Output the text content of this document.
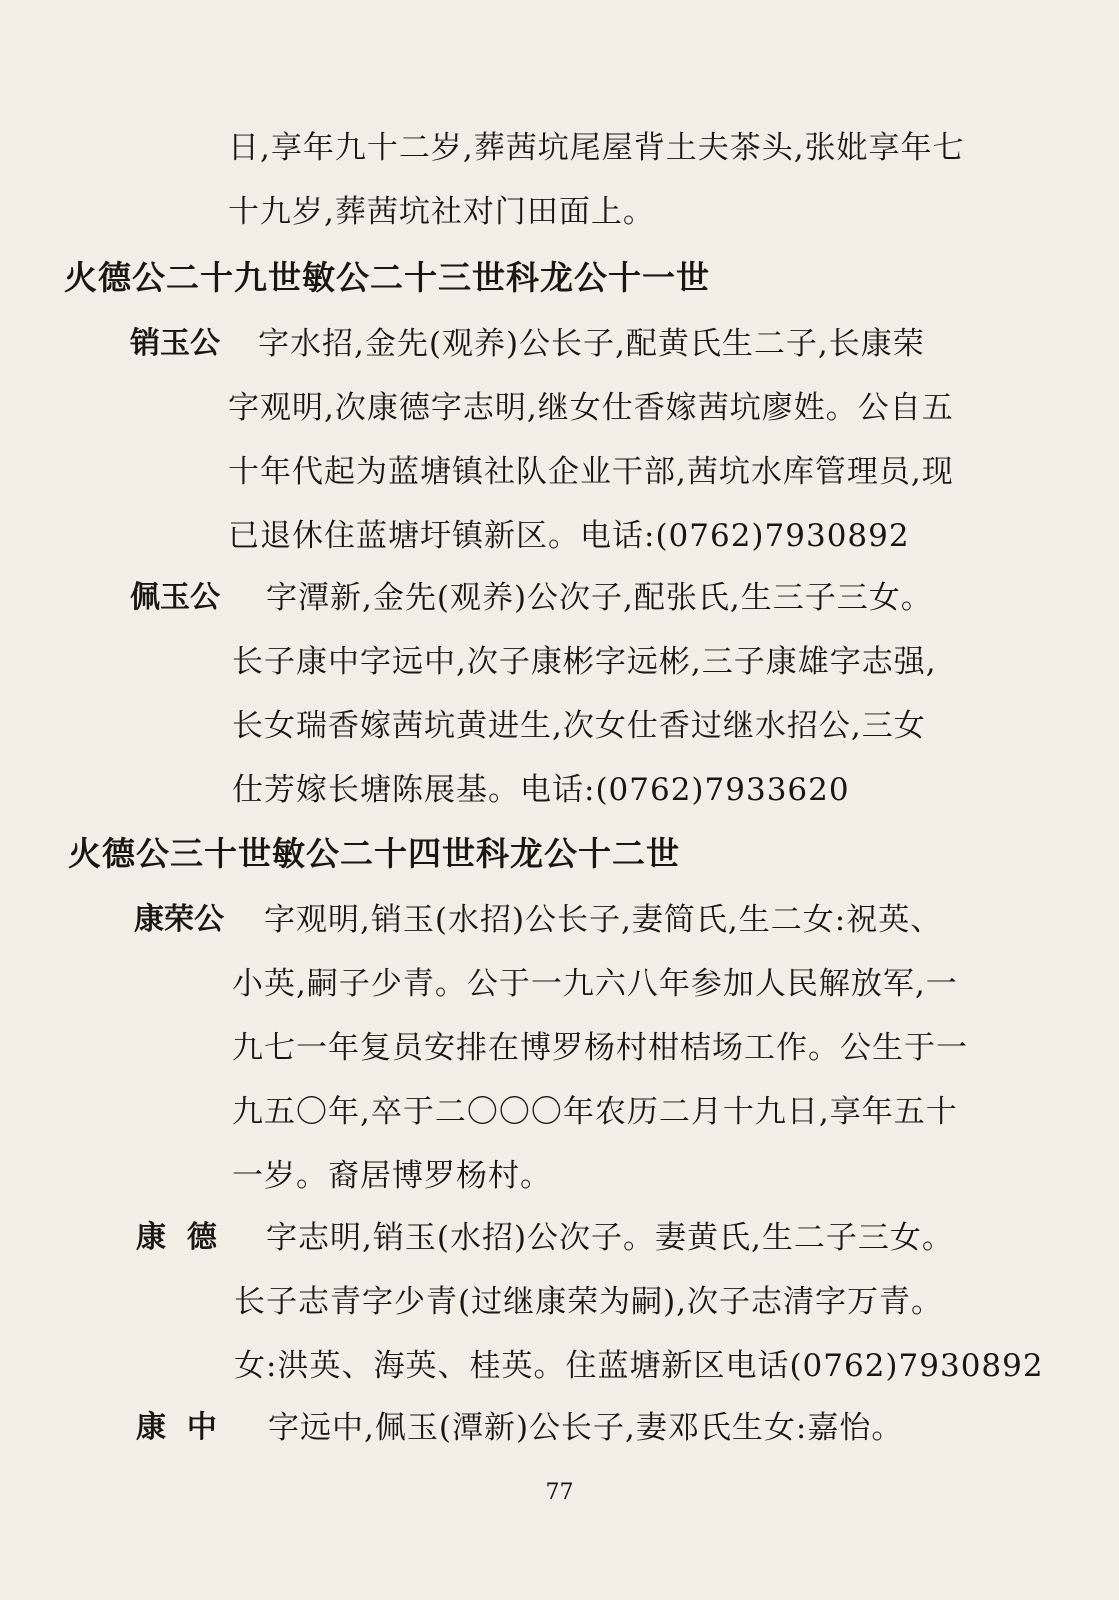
日,享年九十二岁,葬茜坑尾屋背土夫茶头,张妣享年七
十九岁,葬茜坑社对门田面上。
火德公二十九世敏公二十三世科龙公十一世
销玉公 字水招,金先(观养)公长子,配黄氏生二子,长康荣
字观明,次康德字志明,继女仕香嫁茜坑廖姓。公自五
十年代起为蓝塘镇社队企业干部,茜坑水库管理员,现
已退休住蓝塘圩镇新区。电话:(0762)7930892
佩玉公 字潭新,金先(观养)公次子,配张氏,生三子三女。
长子康中字远中,次子康彬字远彬,三子康雄字志强,
长女瑞香嫁茜坑黄进生,次女仕香过继水招公,三女
仕芳嫁长塘陈展基。电话:(0762)7933620
火德公三十世敏公二十四世科龙公十二世
康荣公 字观明,销玉(水招)公长子,妻简氏,生二女:祝英、
小英,嗣子少青。公于一九六八年参加人民解放军,一
九七一年复员安排在博罗杨村柑桔场工作。公生于一
九五〇年,卒于二〇〇〇年农历二月十九日,享年五十
一岁。裔居博罗杨村。
康  德 字志明,销玉(水招)公次子。妻黄氏,生二子三女。
长子志青字少青(过继康荣为嗣),次子志清字万青。
女:洪英、海英、桂英。住蓝塘新区电话(0762)7930892
康  中 字远中,佩玉(潭新)公长子,妻邓氏生女:嘉怡。
77
